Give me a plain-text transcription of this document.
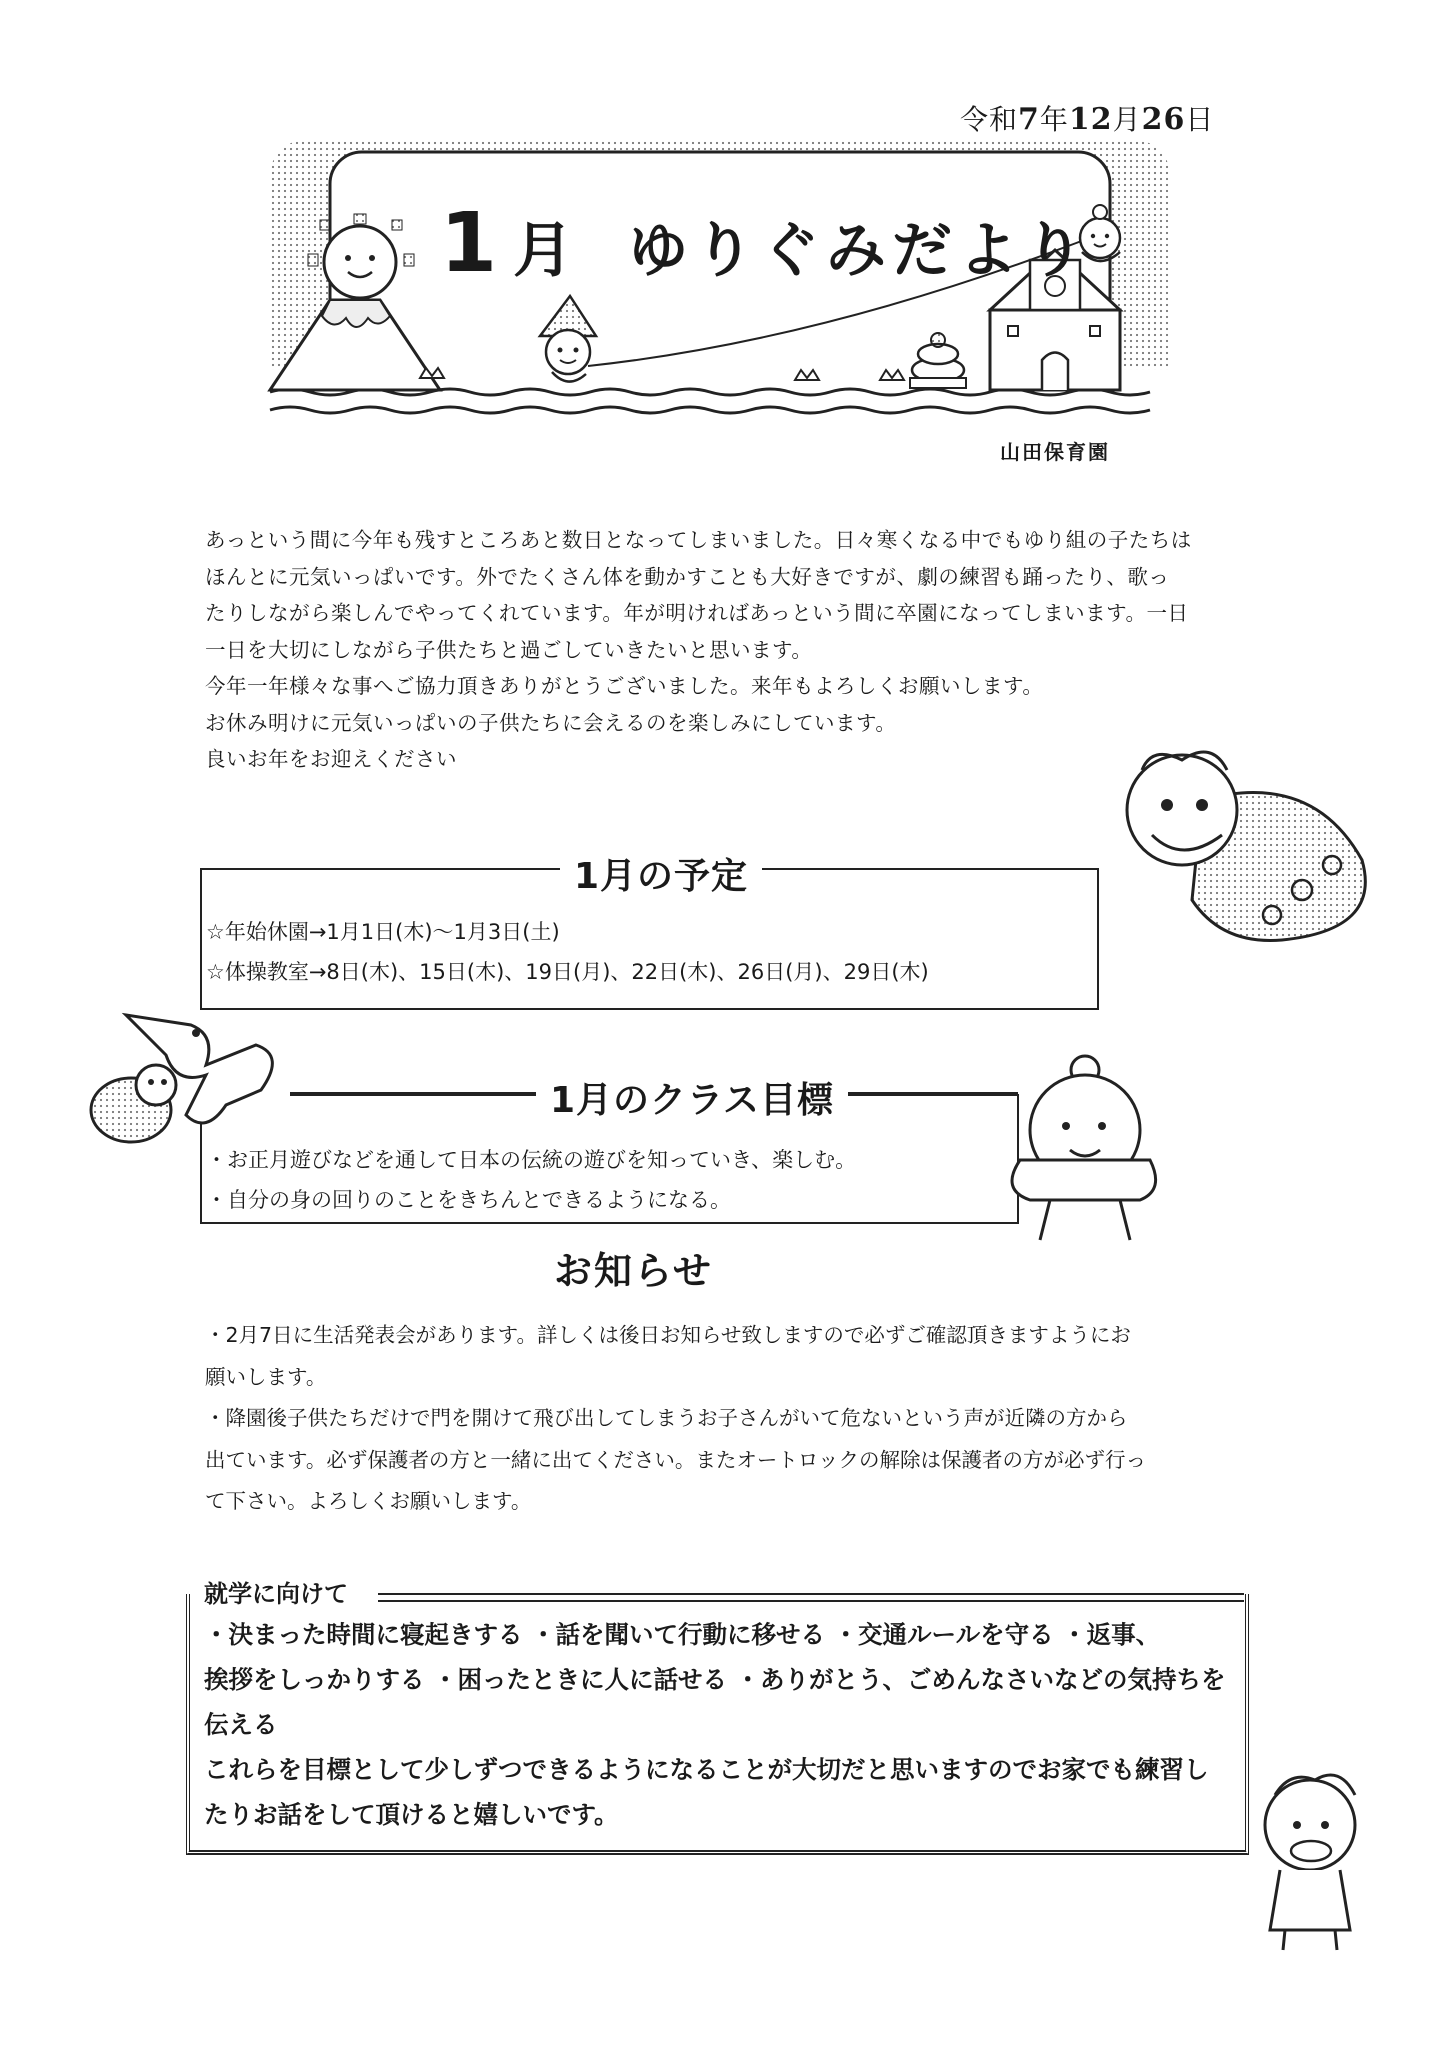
令和7年12月26日
1 月 ゆりぐみだより
山田保育園

あっという間に今年も残すところあと数日となってしまいました。日々寒くなる中でもゆり組の子たちは

ほんとに元気いっぱいです。外でたくさん体を動かすことも大好きですが、劇の練習も踊ったり、歌っ

たりしながら楽しんでやってくれています。年が明ければあっという間に卒園になってしまいます。一日

一日を大切にしながら子供たちと過ごしていきたいと思います。

今年一年様々な事へご協力頂きありがとうございました。来年もよろしくお願いします。

お休み明けに元気いっぱいの子供たちに会えるのを楽しみにしています。

良いお年をお迎えください

1月の予定
☆年始休園→1月1日(木)～1月3日(土)
☆体操教室→8日(木)、15日(木)、19日(月)、22日(木)、26日(月)、29日(木)
1月のクラス目標
・お正月遊びなどを通して日本の伝統の遊びを知っていき、楽しむ。
・自分の身の回りのことをきちんとできるようになる。
お知らせ

・2月7日に生活発表会があります。詳しくは後日お知らせ致しますので必ずご確認頂きますようにお

願いします。

・降園後子供たちだけで門を開けて飛び出してしまうお子さんがいて危ないという声が近隣の方から

出ています。必ず保護者の方と一緒に出てください。またオートロックの解除は保護者の方が必ず行っ

て下さい。よろしくお願いします。

就学に向けて

・決まった時間に寝起きする ・話を聞いて行動に移せる ・交通ルールを守る ・返事、

挨拶をしっかりする ・困ったときに人に話せる ・ありがとう、ごめんなさいなどの気持ちを

伝える

これらを目標として少しずつできるようになることが大切だと思いますのでお家でも練習し

たりお話をして頂けると嬉しいです。
